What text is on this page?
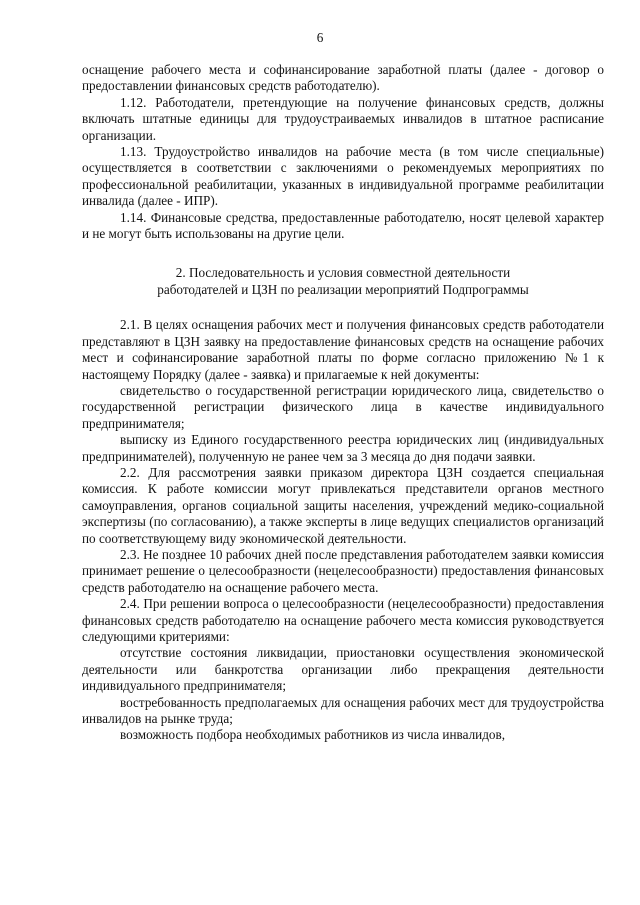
6

оснащение рабочего места и софинансирование заработной платы (далее - договор о предоставлении финансовых средств работодателю).

1.12. Работодатели, претендующие на получение финансовых средств, должны включать штатные единицы для трудоустраиваемых инвалидов в штатное расписание организации.

1.13. Трудоустройство инвалидов на рабочие места (в том числе специальные) осуществляется в соответствии с заключениями о рекомендуемых мероприятиях по профессиональной реабилитации, указанных в индивидуальной программе реабилитации инвалида (далее - ИПР).

1.14. Финансовые средства, предоставленные работодателю, носят целевой характер и не могут быть использованы на другие цели.

2. Последовательность и условия совместной деятельности
работодателей и ЦЗН по реализации мероприятий Подпрограммы

2.1. В целях оснащения рабочих мест и получения финансовых средств работодатели представляют в ЦЗН заявку на предоставление финансовых средств на оснащение рабочих мест и софинансирование заработной платы по форме согласно приложению №1 к настоящему Порядку (далее - заявка) и прилагаемые к ней документы:

свидетельство о государственной регистрации юридического лица, свидетельство о государственной регистрации физического лица в качестве индивидуального предпринимателя;

выписку из Единого государственного реестра юридических лиц (индивидуальных предпринимателей), полученную не ранее чем за 3 месяца до дня подачи заявки.

2.2. Для рассмотрения заявки приказом директора ЦЗН создается специальная комиссия. К работе комиссии могут привлекаться представители органов местного самоуправления, органов социальной защиты населения, учреждений медико-социальной экспертизы (по согласованию), а также эксперты в лице ведущих специалистов организаций по соответствующему виду экономической деятельности.

2.3. Не позднее 10 рабочих дней после представления работодателем заявки комиссия принимает решение о целесообразности (нецелесообразности) предоставления финансовых средств работодателю на оснащение рабочего места.

2.4. При решении вопроса о целесообразности (нецелесообразности) предоставления финансовых средств работодателю на оснащение рабочего места комиссия руководствуется следующими критериями:

отсутствие состояния ликвидации, приостановки осуществления экономической деятельности или банкротства организации либо прекращения деятельности индивидуального предпринимателя;

востребованность предполагаемых для оснащения рабочих мест для трудоустройства инвалидов на рынке труда;

возможность подбора необходимых работников из числа инвалидов,
